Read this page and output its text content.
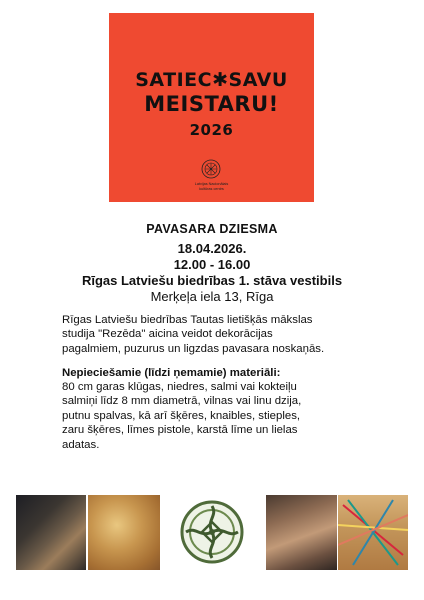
SATIEC✱SAVU
MEISTARU!
2026
Latvijas Nacionālais
kultūras centrs
PAVASARA DZIESMA
18.04.2026.
12.00 - 16.00
Rīgas Latviešu biedrības 1. stāva vestibils
Merķeļa iela 13, Rīga
Rīgas Latviešu biedrības Tautas lietišķās mākslas
studija "Rezēda" aicina veidot dekorācijas
pagalmiem, puzurus un ligzdas pavasara noskaņās.
Nepieciešamie (līdzi ņemamie) materiāli:
80 cm garas klūgas, niedres, salmi vai kokteiļu
salmiņi līdz 8 mm diametrā, vilnas vai linu dzija,
putnu spalvas, kā arī šķēres, knaibles, stieples,
zaru šķēres, līmes pistole, karstā līme un lielas
adatas.
